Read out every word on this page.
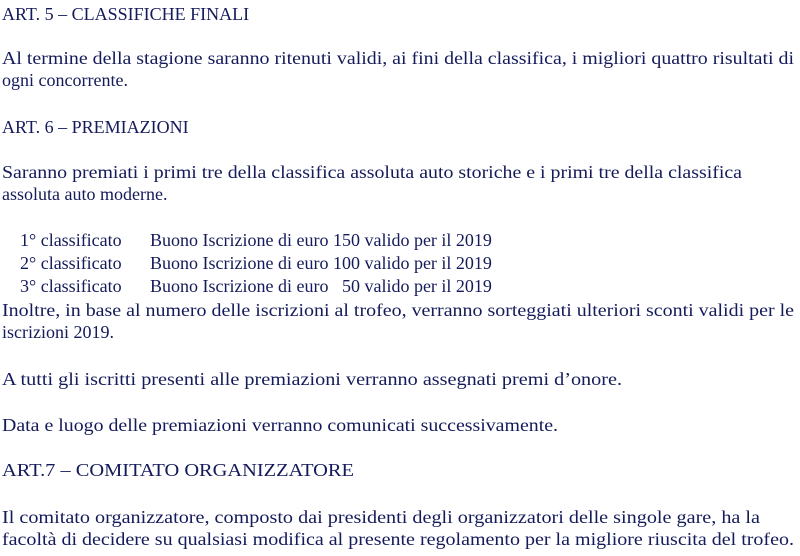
ART. 5 – CLASSIFICHE FINALI
Al termine della stagione saranno ritenuti validi, ai fini della classifica, i migliori quattro risultati di
ogni concorrente.
ART. 6 – PREMIAZIONI
Saranno premiati i primi tre della classifica assoluta auto storiche e i primi tre della classifica
assoluta auto moderne.

1° classificato Buono Iscrizione di euro 150 valido per il 2019

2° classificato Buono Iscrizione di euro 100 valido per il 2019

3° classificato Buono Iscrizione di euro   50 valido per il 2019

Inoltre, in base al numero delle iscrizioni al trofeo, verranno sorteggiati ulteriori sconti validi per le
iscrizioni 2019.
A tutti gli iscritti presenti alle premiazioni verranno assegnati premi d’onore.
Data e luogo delle premiazioni verranno comunicati successivamente.
ART.7 – COMITATO ORGANIZZATORE
Il comitato organizzatore, composto dai presidenti degli organizzatori delle singole gare, ha la
facoltà di decidere su qualsiasi modifica al presente regolamento per la migliore riuscita del trofeo.
